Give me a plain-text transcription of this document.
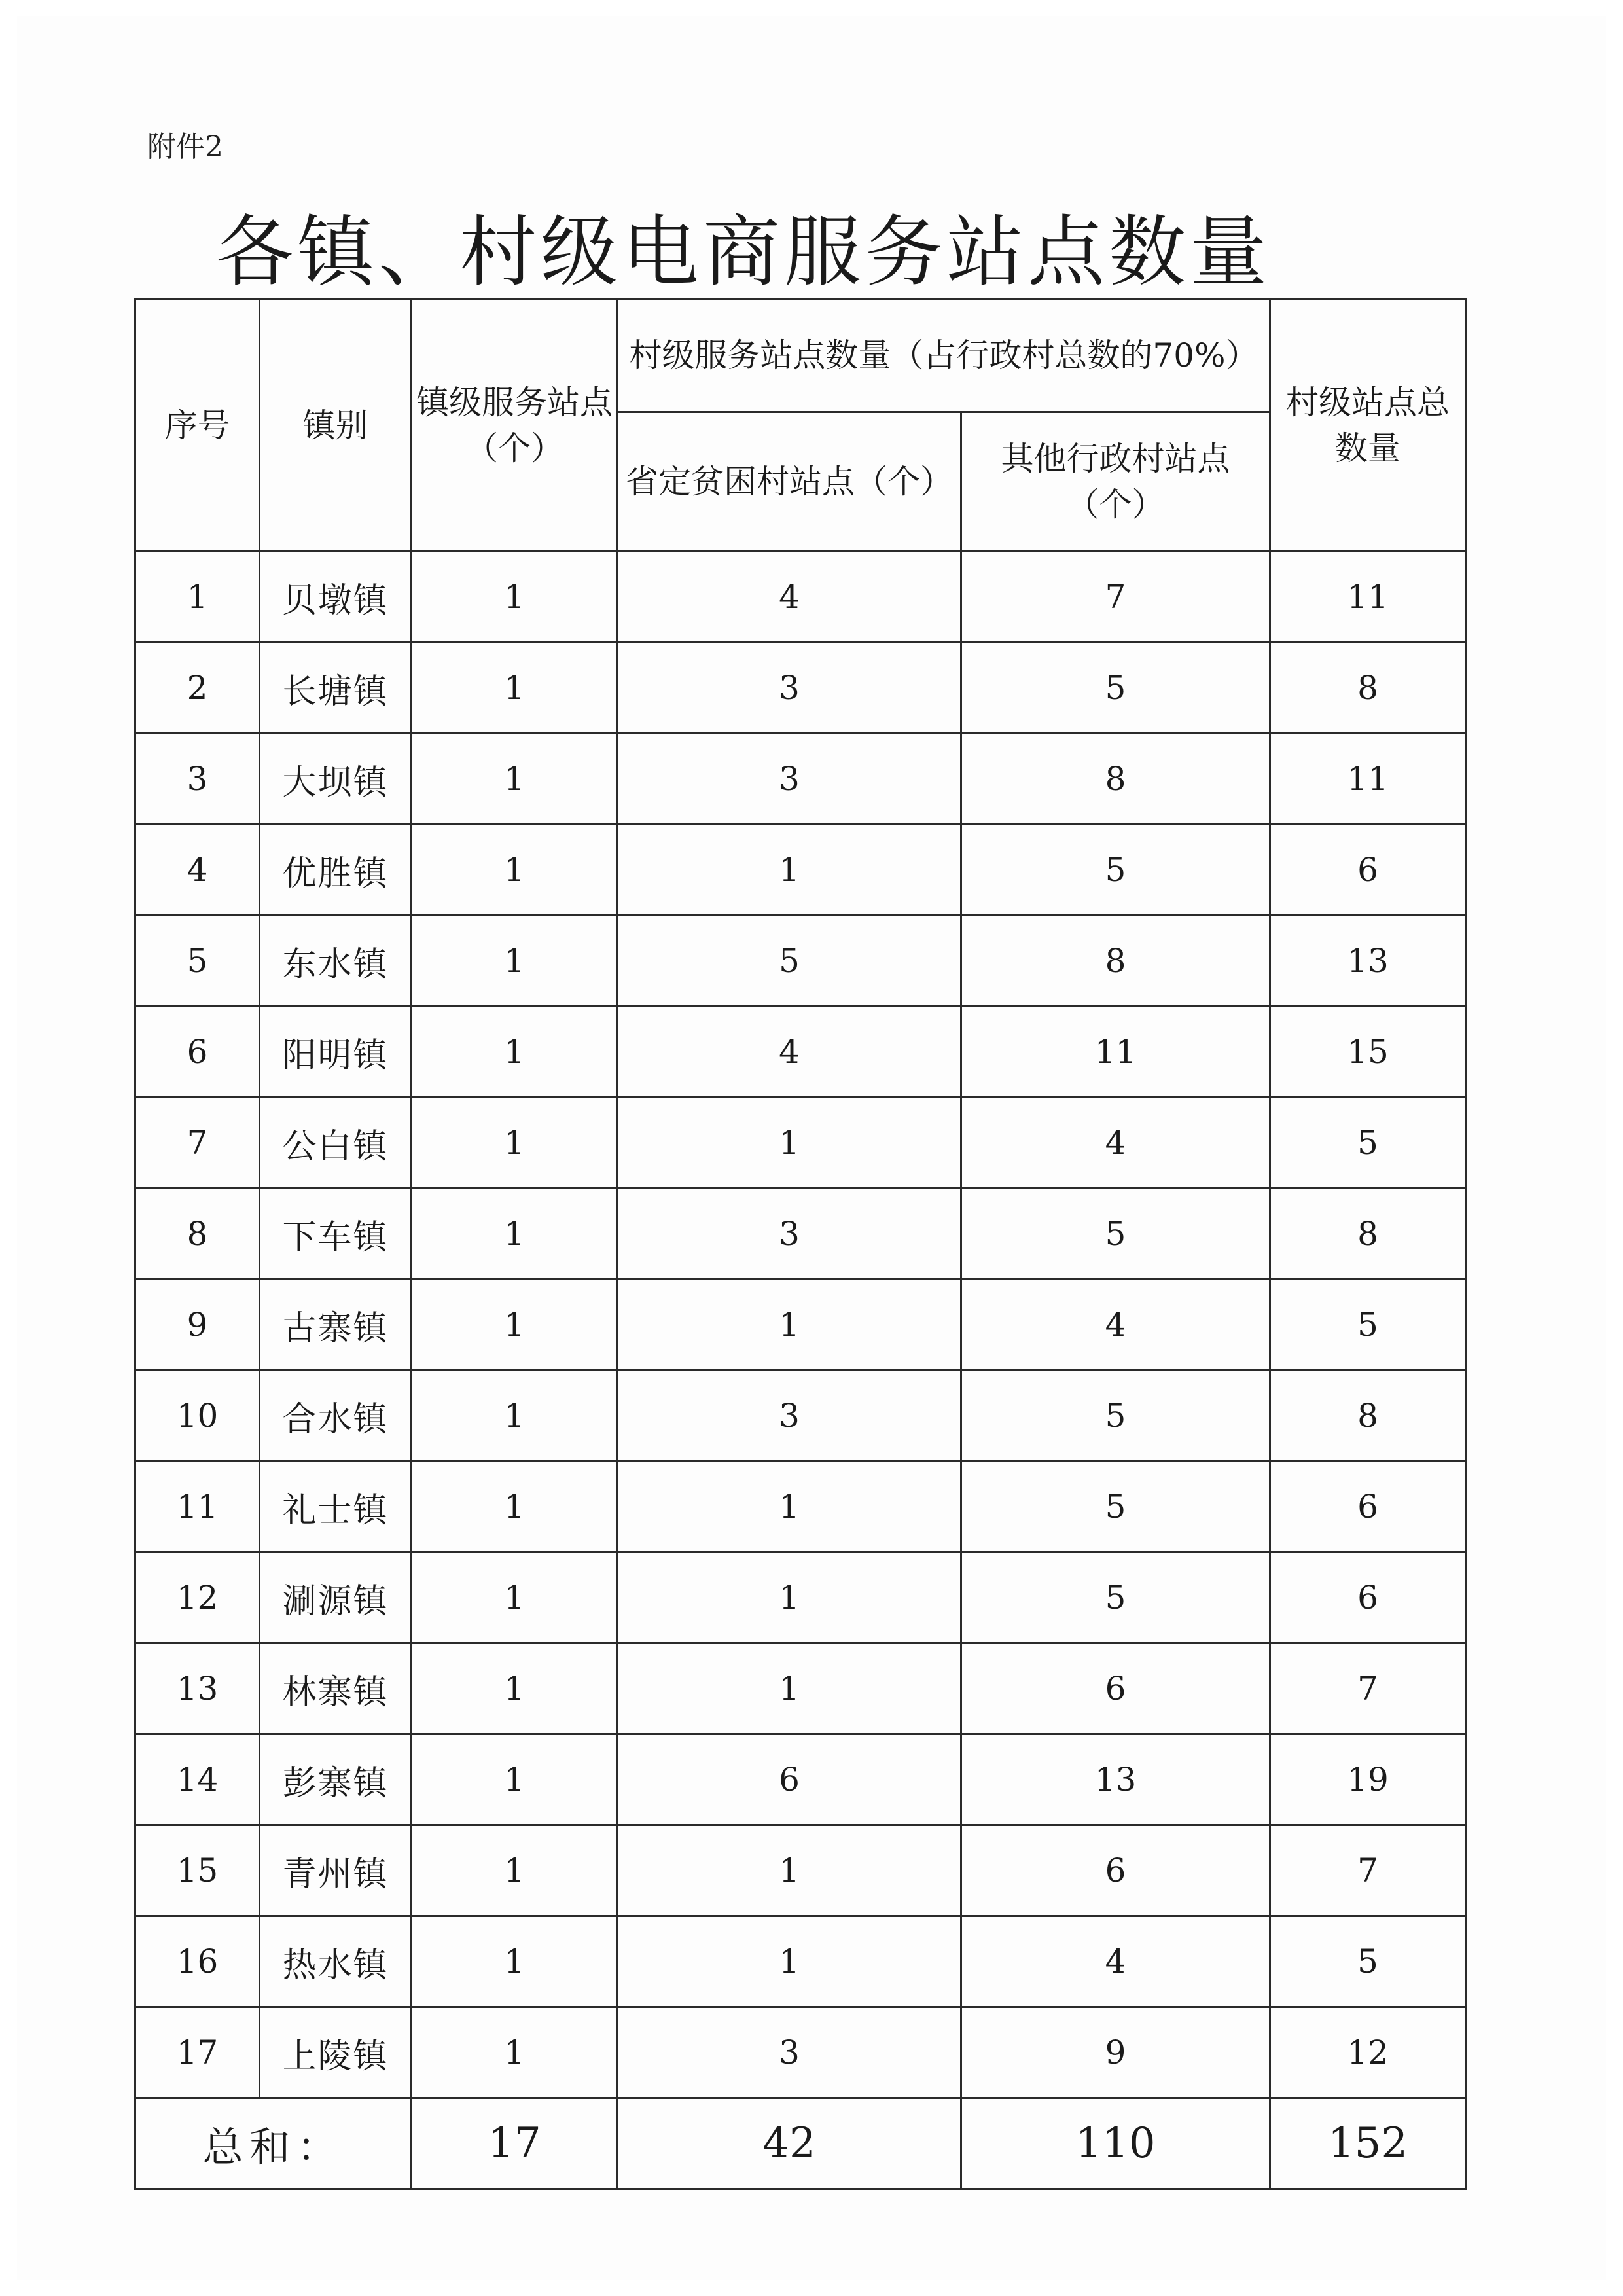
附件2
各镇、村级电商服务站点数量
序号	镇别	镇级服务站点（个）	村级服务站点数量（占行政村总数的70%）		村级站点总数量
			省定贫困村站点（个）	其他行政村站点（个）	
1	贝墩镇	1	4	7	11
2	长塘镇	1	3	5	8
3	大坝镇	1	3	8	11
4	优胜镇	1	1	5	6
5	东水镇	1	5	8	13
6	阳明镇	1	4	11	15
7	公白镇	1	1	4	5
8	下车镇	1	3	5	8
9	古寨镇	1	1	4	5
10	合水镇	1	3	5	8
11	礼士镇	1	1	5	6
12	涮源镇	1	1	5	6
13	林寨镇	1	1	6	7
14	彭寨镇	1	6	13	19
15	青州镇	1	1	6	7
16	热水镇	1	1	4	5
17	上陵镇	1	3	9	12
总和：		17	42	110	152
